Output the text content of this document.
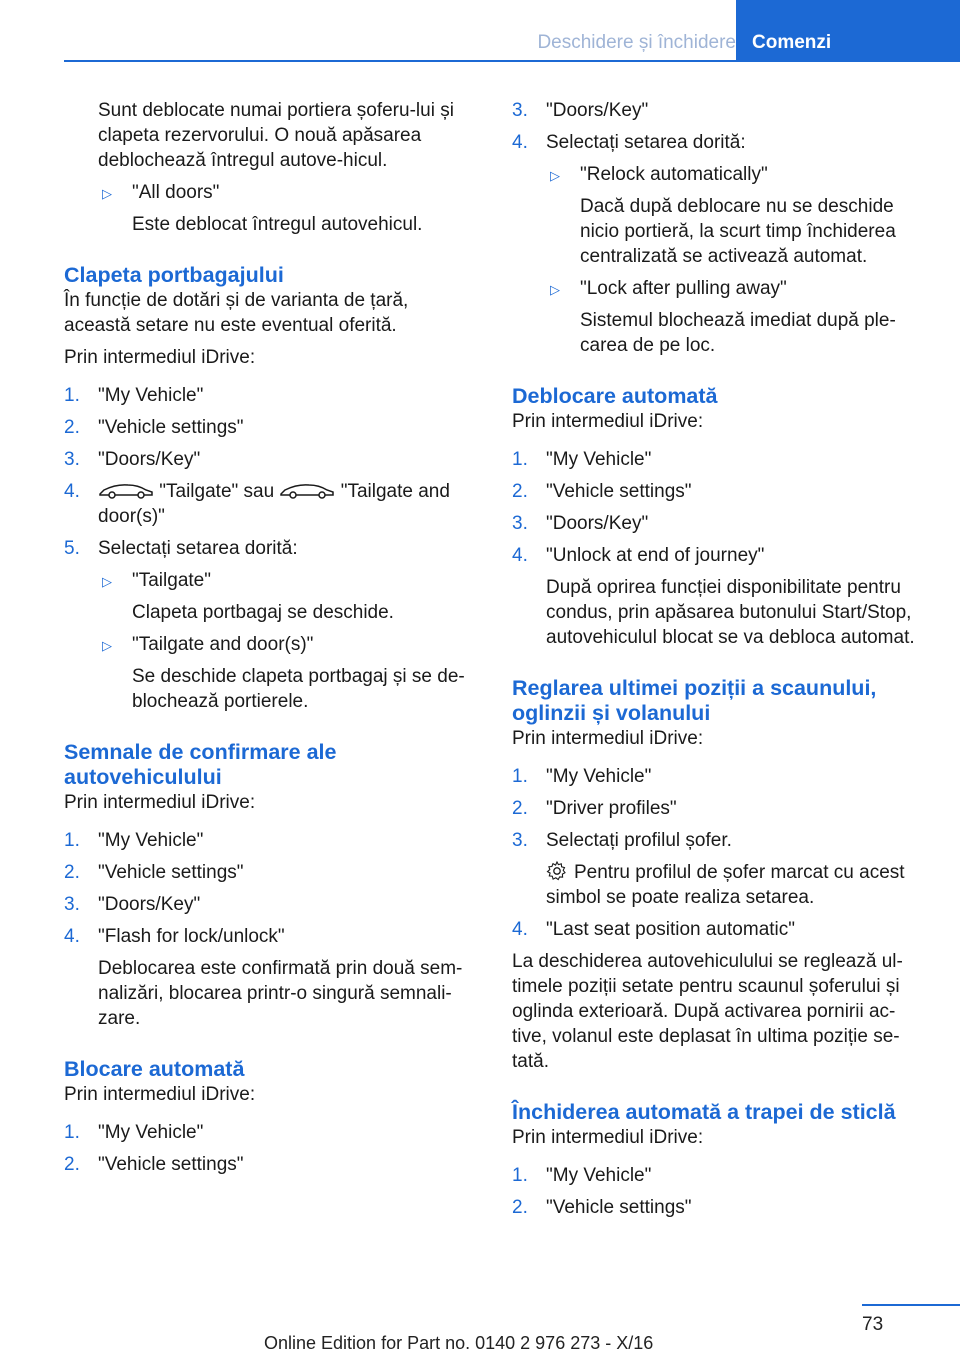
Deschidere și închidere Comenzi

Sunt deblocate numai portiera șoferu-lui și clapeta rezervorului. O nouă apăsarea deblochează întregul autove-hicul.

▷ "All doors"

Este deblocat întregul autovehicul.

Clapeta portbagajului

În funcție de dotări și de varianta de țară, această setare nu este eventual oferită.

Prin intermediul iDrive:

1. "My Vehicle"
2. "Vehicle settings"
3. "Doors/Key"
4.	"Tailgate" sau	"Tailgate and door(s)"
5. Selectați setarea dorită:
▷ "Tailgate"

Clapeta portbagaj se deschide.

▷ "Tailgate and door(s)"

Se deschide clapeta portbagaj și se de-blochează portierele.

Semnale de confirmare ale autovehiculului

Prin intermediul iDrive:

1. "My Vehicle"
2. "Vehicle settings"
3. "Doors/Key"
4. "Flash for lock/unlock"

Deblocarea este confirmată prin două sem-nalizări, blocarea printr-o singură semnali-zare.

Blocare automată

Prin intermediul iDrive:

1. "My Vehicle"
2. "Vehicle settings"
3. "Doors/Key"
4. Selectați setarea dorită:
▷ "Relock automatically"

Dacă după deblocare nu se deschide nicio portieră, la scurt timp închiderea centralizată se activează automat.

▷ "Lock after pulling away"

Sistemul blochează imediat după ple-carea de pe loc.

Deblocare automată

Prin intermediul iDrive:

1. "My Vehicle"
2. "Vehicle settings"
3. "Doors/Key"
4. "Unlock at end of journey"

După oprirea funcției disponibilitate pentru condus, prin apăsarea butonului Start/Stop, autovehiculul blocat se va debloca automat.

Reglarea ultimei poziții a scaunului, oglinzii și volanului

Prin intermediul iDrive:

1. "My Vehicle"
2. "Driver profiles"
3. Selectați profilul șofer.

Pentru profilul de șofer marcat cu acest simbol se poate realiza setarea.

4. "Last seat position automatic"

La deschiderea autovehiculului se reglează ul-timele poziții setate pentru scaunul șoferului și oglinda exterioară. După activarea pornirii ac-tive, volanul este deplasat în ultima poziție se-tată.

Închiderea automată a trapei de sticlă

Prin intermediul iDrive:

1. "My Vehicle"
2. "Vehicle settings"
73
Online Edition for Part no. 0140 2 976 273 - X/16
